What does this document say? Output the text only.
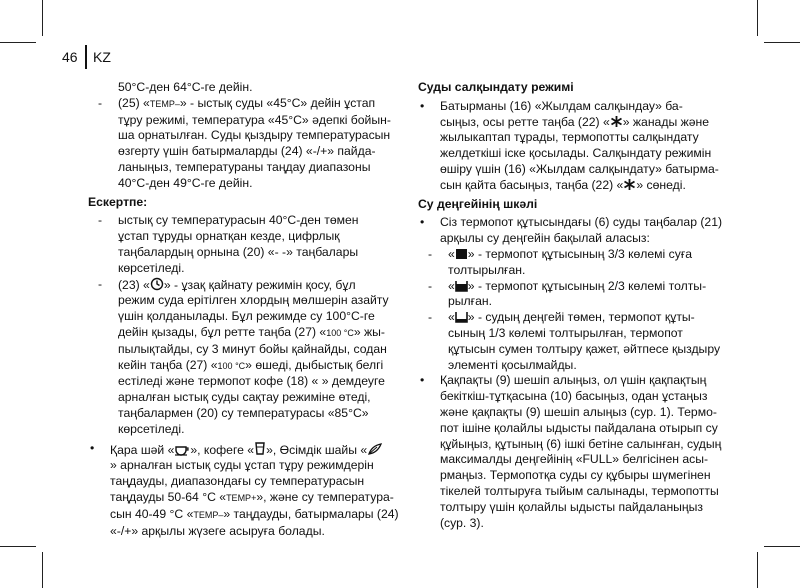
46 KZ
50°C-ден 64°C-ге дейін.
-	(25) «TEMP–» - ыстық суды «45°C» дейін ұстап
тұру режимі, температура «45°C» әдепкі бойын-
ша орнатылған. Суды қыздыру температурасын
өзгерту үшін батырмаларды (24) «-/+» пайда-
ланыңыз, температураны таңдау диапазоны
40°C-ден 49°C-ге дейін.
Ескертпе:
-	ыстық су температурасын 40°C-ден төмен
ұстап тұруды орнатқан кезде, цифрлық
таңбалардың орнына (20) «- -» таңбалары
көрсетіледі.
-	(23) « » - ұзақ қайнату режимін қосу, бұл
режим суда ерітілген хлордың мөлшерін азайту
үшін қолданылады. Бұл режимде су 100°C-ге
дейін қызады, бұл ретте таңба (27) «100 °C» жы-
пылықтайды, су 3 минут бойы қайнайды, содан
кейін таңба (27) «100 °C» өшеді, дыбыстық белгі
естіледі және термопот кофе (18) « » демдеуге
арналған ыстық суды сақтау режиміне өтеді,
таңбалармен (20) су температурасы «85°C»
көрсетіледі.
•	Қара шәй « », кофеге « », Өсімдік шайы «
» арналған ыстық суды ұстап тұру режимдерін
таңдауды, диапазондағы су температурасын
таңдауды 50-64 °C «TEMP+», және су температура-
сын 40-49 °C «TEMP–» таңдауды, батырмалары (24)
«-/+» арқылы жүзеге асыруға болады.
Суды салқындату режимі
•	Батырманы (16) «Жылдам салқындау» ба-
сыңыз, осы ретте таңба (22) « » жанады және
жылыкаптап тұрады, термопотты салқындату
желдеткіші іске қосылады. Салқындату режимін
өшіру үшін (16) «Жылдам салқындату» батырма-
сын қайта басыңыз, таңба (22) « » сөнеді.
Су деңгейінің шкәлі
•	Сіз термопот құтысындағы (6) суды таңбалар (21)
арқылы су деңгейін бақылай аласыз:
-	« » - термопот құтысының 3/3 көлемі суға
толтырылған.
-	« » - термопот құтысының 2/3 көлемі толты-
рылған.
-	« » - судың деңгейі төмен, термопот құты-
сының 1/3 көлемі толтырылған, термопот
құтысын сумен толтыру қажет, әйтпесе қыздыру
элементі қосылмайды.
•	Қақпақты (9) шешіп алыңыз, ол үшін қақпақтың
бекіткіш-тұтқасына (10) басыңыз, одан ұстаңыз
және қақпақты (9) шешіп алыңыз (сур. 1). Термо-
пот ішіне қолайлы ыдысты пайдалана отырып су
құйыңыз, құтының (6) ішкі бетіне салынған, судың
максималды деңгейінің «FULL» белгісінен асы-
рмаңыз. Термопотқа суды су құбыры шүмегінен
тікелей толтыруға тыйым салынады, термопотты
толтыру үшін қолайлы ыдысты пайдаланыңыз
(сур. 3).
